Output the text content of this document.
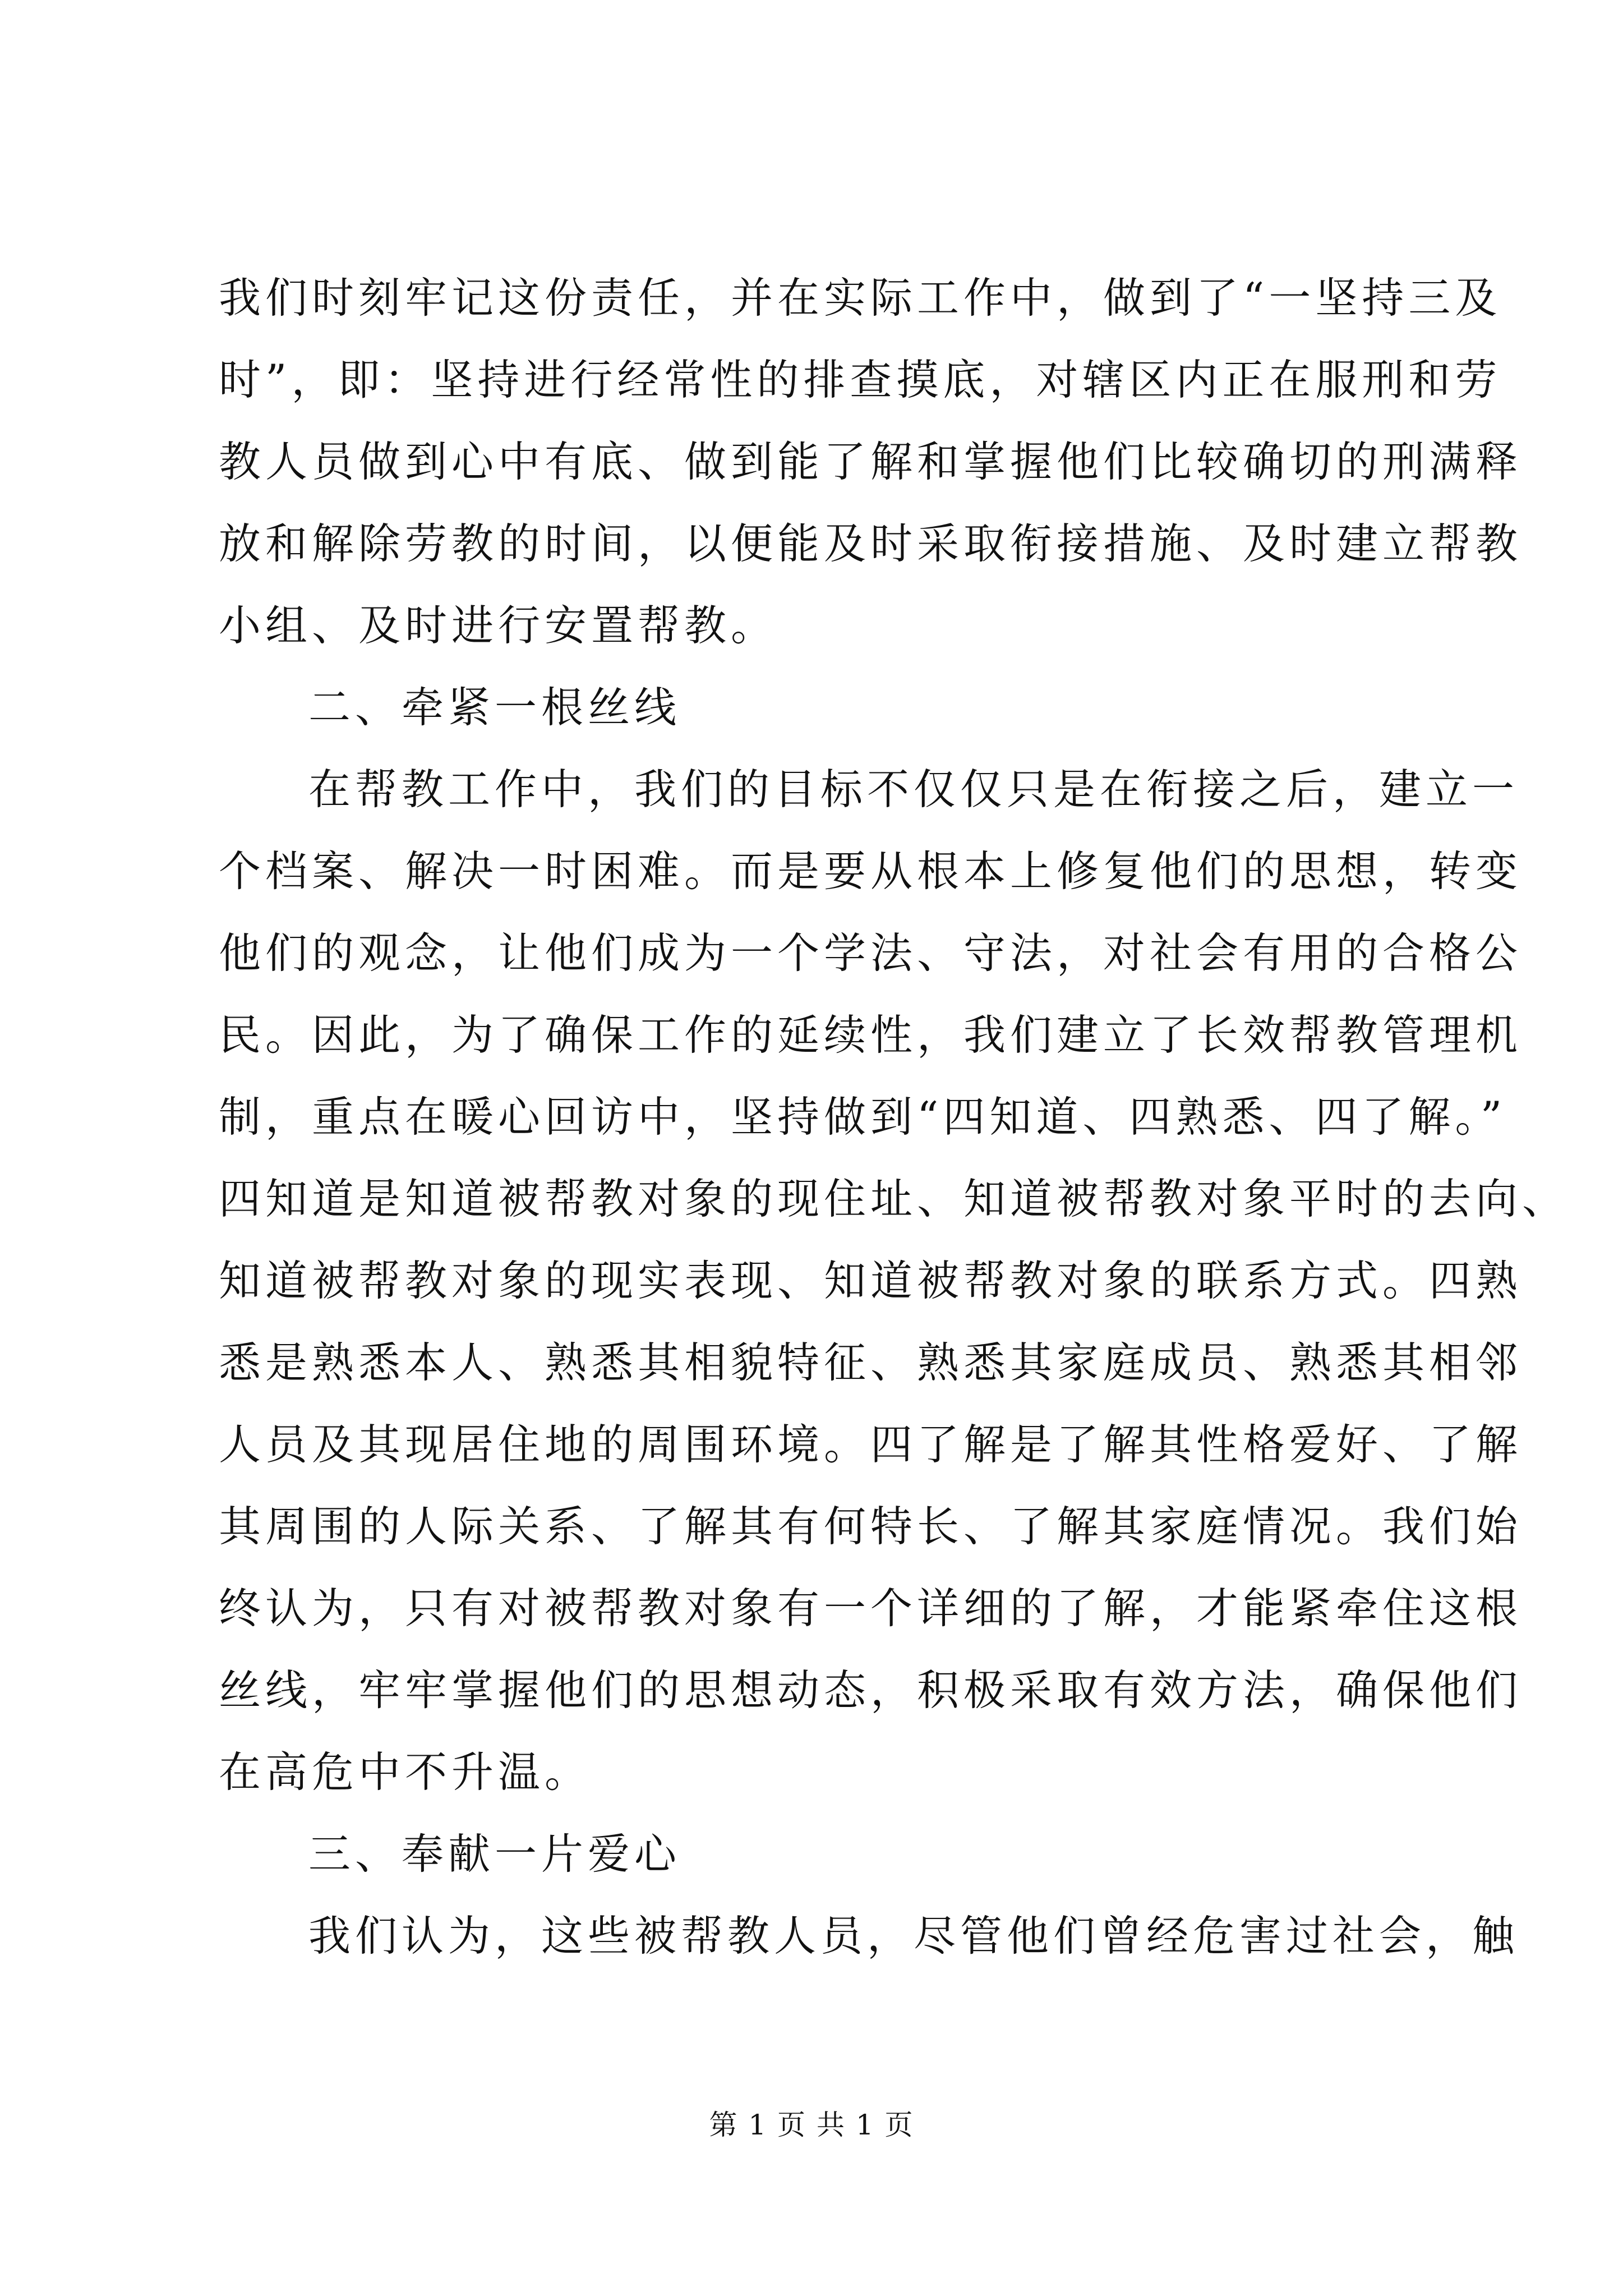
我们时刻牢记这份责任，并在实际工作中，做到了“一坚持三及
时”，即：坚持进行经常性的排查摸底，对辖区内正在服刑和劳
教人员做到心中有底、做到能了解和掌握他们比较确切的刑满释
放和解除劳教的时间，以便能及时采取衔接措施、及时建立帮教
小组、及时进行安置帮教。
二、牵紧一根丝线
在帮教工作中，我们的目标不仅仅只是在衔接之后，建立一
个档案、解决一时困难。而是要从根本上修复他们的思想，转变
他们的观念，让他们成为一个学法、守法，对社会有用的合格公
民。因此，为了确保工作的延续性，我们建立了长效帮教管理机
制，重点在暖心回访中，坚持做到“四知道、四熟悉、四了解。”
四知道是知道被帮教对象的现住址、知道被帮教对象平时的去向、
知道被帮教对象的现实表现、知道被帮教对象的联系方式。四熟
悉是熟悉本人、熟悉其相貌特征、熟悉其家庭成员、熟悉其相邻
人员及其现居住地的周围环境。四了解是了解其性格爱好、了解
其周围的人际关系、了解其有何特长、了解其家庭情况。我们始
终认为，只有对被帮教对象有一个详细的了解，才能紧牵住这根
丝线，牢牢掌握他们的思想动态，积极采取有效方法，确保他们
在高危中不升温。
三、奉献一片爱心
我们认为，这些被帮教人员，尽管他们曾经危害过社会，触
第 1 页 共 1 页
